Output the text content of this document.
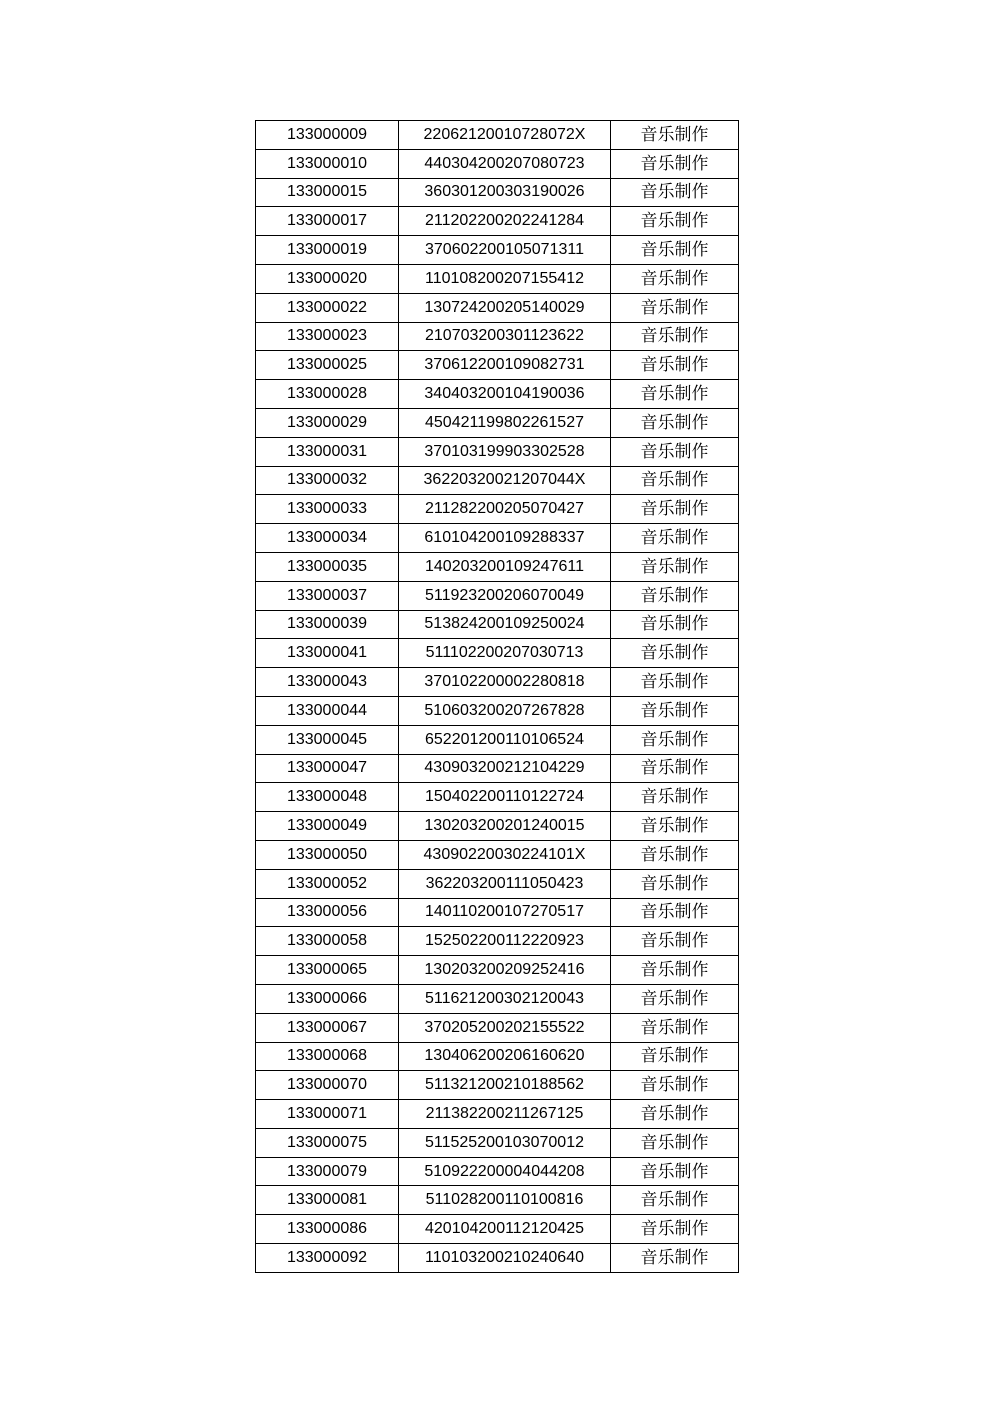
133000009	22062120010728072X	音乐制作
133000010	440304200207080723	音乐制作
133000015	360301200303190026	音乐制作
133000017	211202200202241284	音乐制作
133000019	370602200105071311	音乐制作
133000020	110108200207155412	音乐制作
133000022	130724200205140029	音乐制作
133000023	210703200301123622	音乐制作
133000025	370612200109082731	音乐制作
133000028	340403200104190036	音乐制作
133000029	450421199802261527	音乐制作
133000031	370103199903302528	音乐制作
133000032	36220320021207044X	音乐制作
133000033	211282200205070427	音乐制作
133000034	610104200109288337	音乐制作
133000035	140203200109247611	音乐制作
133000037	511923200206070049	音乐制作
133000039	513824200109250024	音乐制作
133000041	511102200207030713	音乐制作
133000043	370102200002280818	音乐制作
133000044	510603200207267828	音乐制作
133000045	652201200110106524	音乐制作
133000047	430903200212104229	音乐制作
133000048	150402200110122724	音乐制作
133000049	130203200201240015	音乐制作
133000050	43090220030224101X	音乐制作
133000052	362203200111050423	音乐制作
133000056	140110200107270517	音乐制作
133000058	152502200112220923	音乐制作
133000065	130203200209252416	音乐制作
133000066	511621200302120043	音乐制作
133000067	370205200202155522	音乐制作
133000068	130406200206160620	音乐制作
133000070	511321200210188562	音乐制作
133000071	211382200211267125	音乐制作
133000075	511525200103070012	音乐制作
133000079	510922200004044208	音乐制作
133000081	511028200110100816	音乐制作
133000086	420104200112120425	音乐制作
133000092	110103200210240640	音乐制作
